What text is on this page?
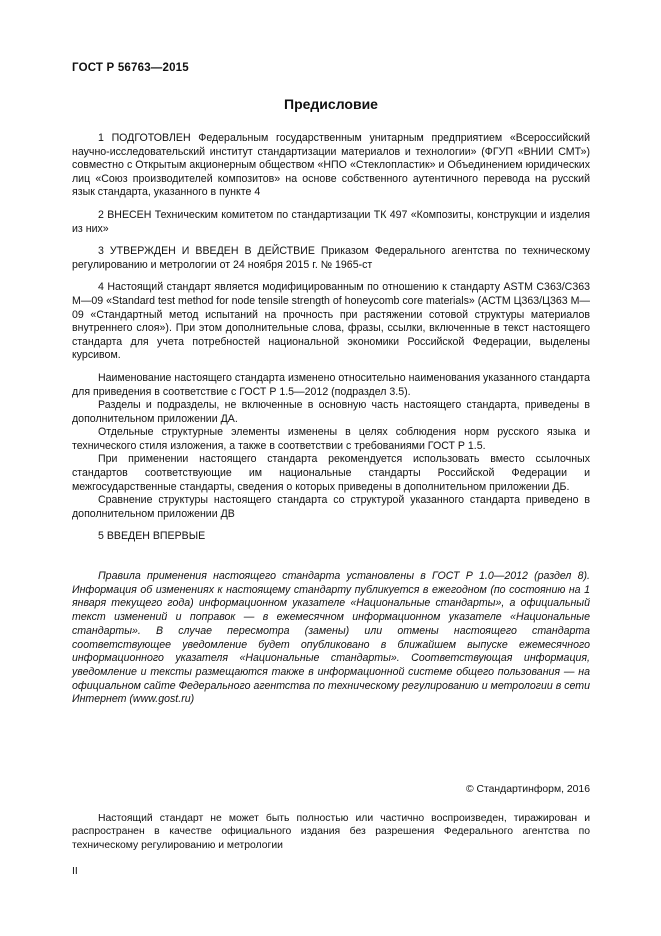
ГОСТ Р 56763—2015
Предисловие

1 ПОДГОТОВЛЕН Федеральным государственным унитарным предприятием «Всероссийский научно-исследовательский институт стандартизации материалов и технологии» (ФГУП «ВНИИ СМТ») совместно с Открытым акционерным обществом «НПО «Стеклопластик» и Объединением юридических лиц «Союз производителей композитов» на основе собственного аутентичного перевода на русский язык стандарта, указанного в пункте 4

2 ВНЕСЕН Техническим комитетом по стандартизации ТК 497 «Композиты, конструкции и изделия из них»

3 УТВЕРЖДЕН И ВВЕДЕН В ДЕЙСТВИЕ Приказом Федерального агентства по техническому регулированию и метрологии от 24 ноября 2015 г. № 1965-ст

4 Настоящий стандарт является модифицированным по отношению к стандарту ASTM С363/С363 М—09 «Standard test method for node tensile strength of honeycomb core materials» (АСТМ Ц363/Ц363 М—09 «Стандартный метод испытаний на прочность при растяжении сотовой структуры материалов внутреннего слоя»). При этом дополнительные слова, фразы, ссылки, включенные в текст настоящего стандарта для учета потребностей национальной экономики Российской Федерации, выделены курсивом.

Наименование настоящего стандарта изменено относительно наименования указанного стандарта для приведения в соответствие с ГОСТ Р 1.5—2012 (подраздел 3.5).

Разделы и подразделы, не включенные в основную часть настоящего стандарта, приведены в дополнительном приложении ДА.

Отдельные структурные элементы изменены в целях соблюдения норм русского языка и технического стиля изложения, а также в соответствии с требованиями ГОСТ Р 1.5.

При применении настоящего стандарта рекомендуется использовать вместо ссылочных стандартов соответствующие им национальные стандарты Российской Федерации и межгосударственные стандарты, сведения о которых приведены в дополнительном приложении ДБ.

Сравнение структуры настоящего стандарта со структурой указанного стандарта приведено в дополнительном приложении ДВ

5 ВВЕДЕН ВПЕРВЫЕ

Правила применения настоящего стандарта установлены в ГОСТ Р 1.0—2012 (раздел 8). Информация об изменениях к настоящему стандарту публикуется в ежегодном (по состоянию на 1 января текущего года) информационном указателе «Национальные стандарты», а официальный текст изменений и поправок — в ежемесячном информационном указателе «Национальные стандарты». В случае пересмотра (замены) или отмены настоящего стандарта соответствующее уведомление будет опубликовано в ближайшем выпуске ежемесячного информационного указателя «Национальные стандарты». Соответствующая информация, уведомление и тексты размещаются также в информационной системе общего пользования — на официальном сайте Федерального агентства по техническому регулированию и метрологии в сети Интернет (www.gost.ru)

© Стандартинформ, 2016
Настоящий стандарт не может быть полностью или частично воспроизведен, тиражирован и распространен в качестве официального издания без разрешения Федерального агентства по техническому регулированию и метрологии
II
